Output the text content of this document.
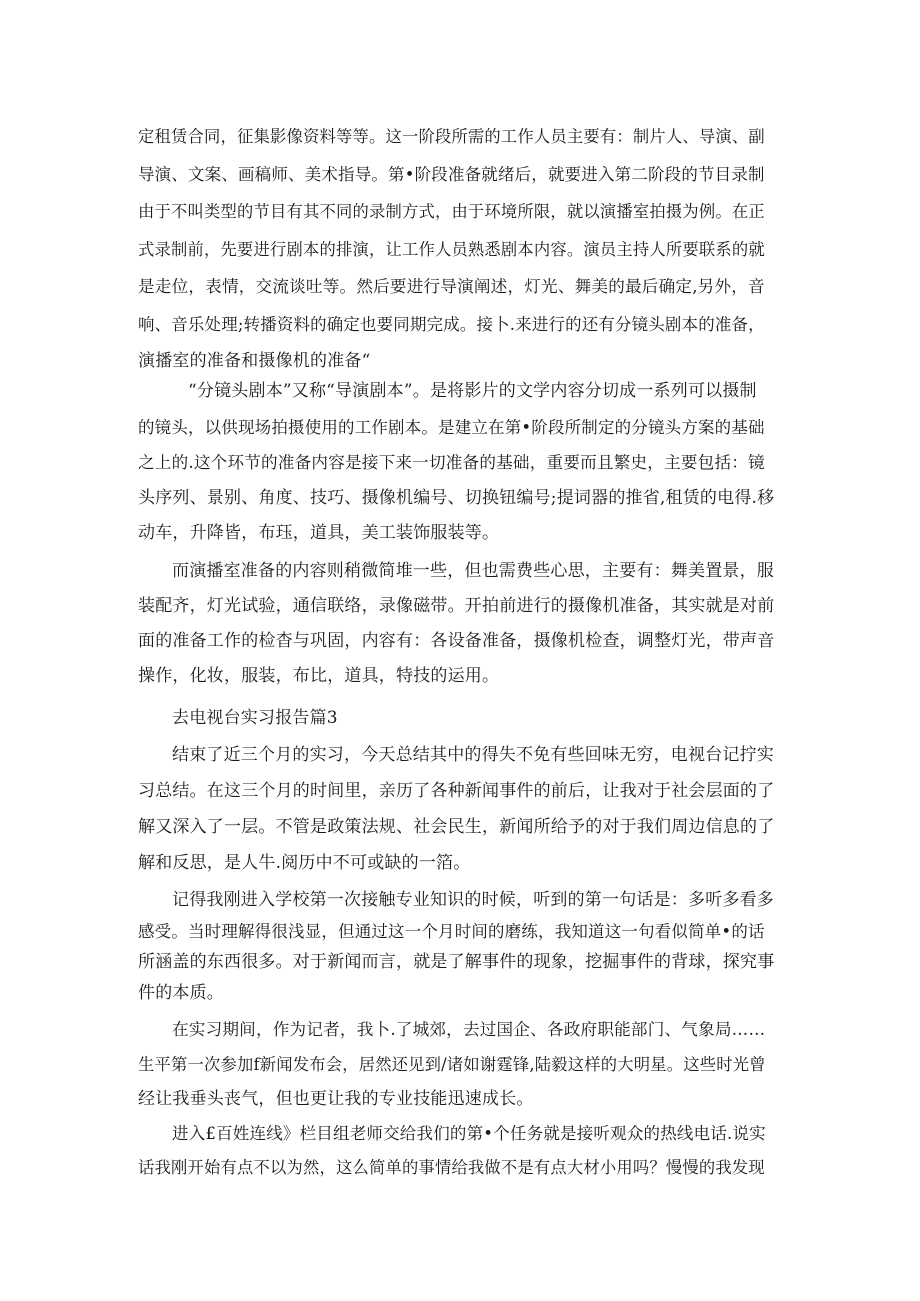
定租赁合同，征集影像资料等等。这一阶段所需的工作人员主要有：制片人、导演、副
导演、文案、画稿师、美术指导。第•阶段准备就绪后，就要进入第二阶段的节目录制
由于不叫类型的节目有其不同的录制方式，由于环境所限，就以演播室拍摄为例。在正
式录制前，先要进行剧本的排演，让工作人员熟悉剧本内容。演员主持人所要联系的就
是走位，表情，交流谈吐等。然后要进行导演阐述，灯光、舞美的最后确定,另外，音
响、音乐处理;转播资料的确定也要同期完成。接卜.来进行的还有分镜头剧本的准备，
演播室的准备和摄像机的准备“
“分镜头剧本”又称“导演剧本”。是将影片的文学内容分切成一系列可以摄制
的镜头，以供现场拍摄使用的工作剧本。是建立在第•阶段所制定的分镜头方案的基础
之上的.这个环节的准备内容是接下来一切准备的基础，重要而且繁史，主要包括：镜
头序列、景别、角度、技巧、摄像机编号、切换钮编号;提词器的推省,租赁的电得.移
动车，升降皆，布珏，道具，美工装饰服装等。
而演播室准备的内容则稍微简堆一些，但也需费些心思，主要有：舞美置景，服
装配齐，灯光试验，通信联络，录像磁带。开拍前进行的摄像机准备，其实就是对前
面的准备工作的检杳与巩固，内容有：各设备准备，摄像机检查，调整灯光，带声音
操作，化妆，服装，布比，道具，特技的运用。
去电视台实习报告篇3
结束了近三个月的实习，今天总结其中的得失不免有些回味无穷，电视台记拧实
习总结。在这三个月的时间里，亲历了各种新闻事件的前后，让我对于社会层面的了
解又深入了一层。不管是政策法规、社会民生，新闻所给予的对于我们周边信息的了
解和反思，是人牛.阅历中不可或缺的一箔。
记得我刚进入学校第一次接触专业知识的时候，听到的第一句话是：多听多看多
感受。当时理解得很浅显，但通过这一个月时间的磨练，我知道这一句看似简单•的话
所涵盖的东西很多。对于新闻而言，就是了解事件的现象，挖掘事件的背球，探究事
件的本质。
在实习期间，作为记者，我卜.了城郊，去过国企、各政府职能部门、气象局……
生平第一次参加f新闻发布会，居然还见到/诸如谢霆锋,陆毅这样的大明星。这些时光曾
经让我垂头丧气，但也更让我的专业技能迅速成长。
进入£百姓连线》栏目组老师交给我们的第•个任务就是接听观众的热线电话.说实
话我刚开始有点不以为然，这么简单的事情给我做不是有点大材小用吗？慢慢的我发现
